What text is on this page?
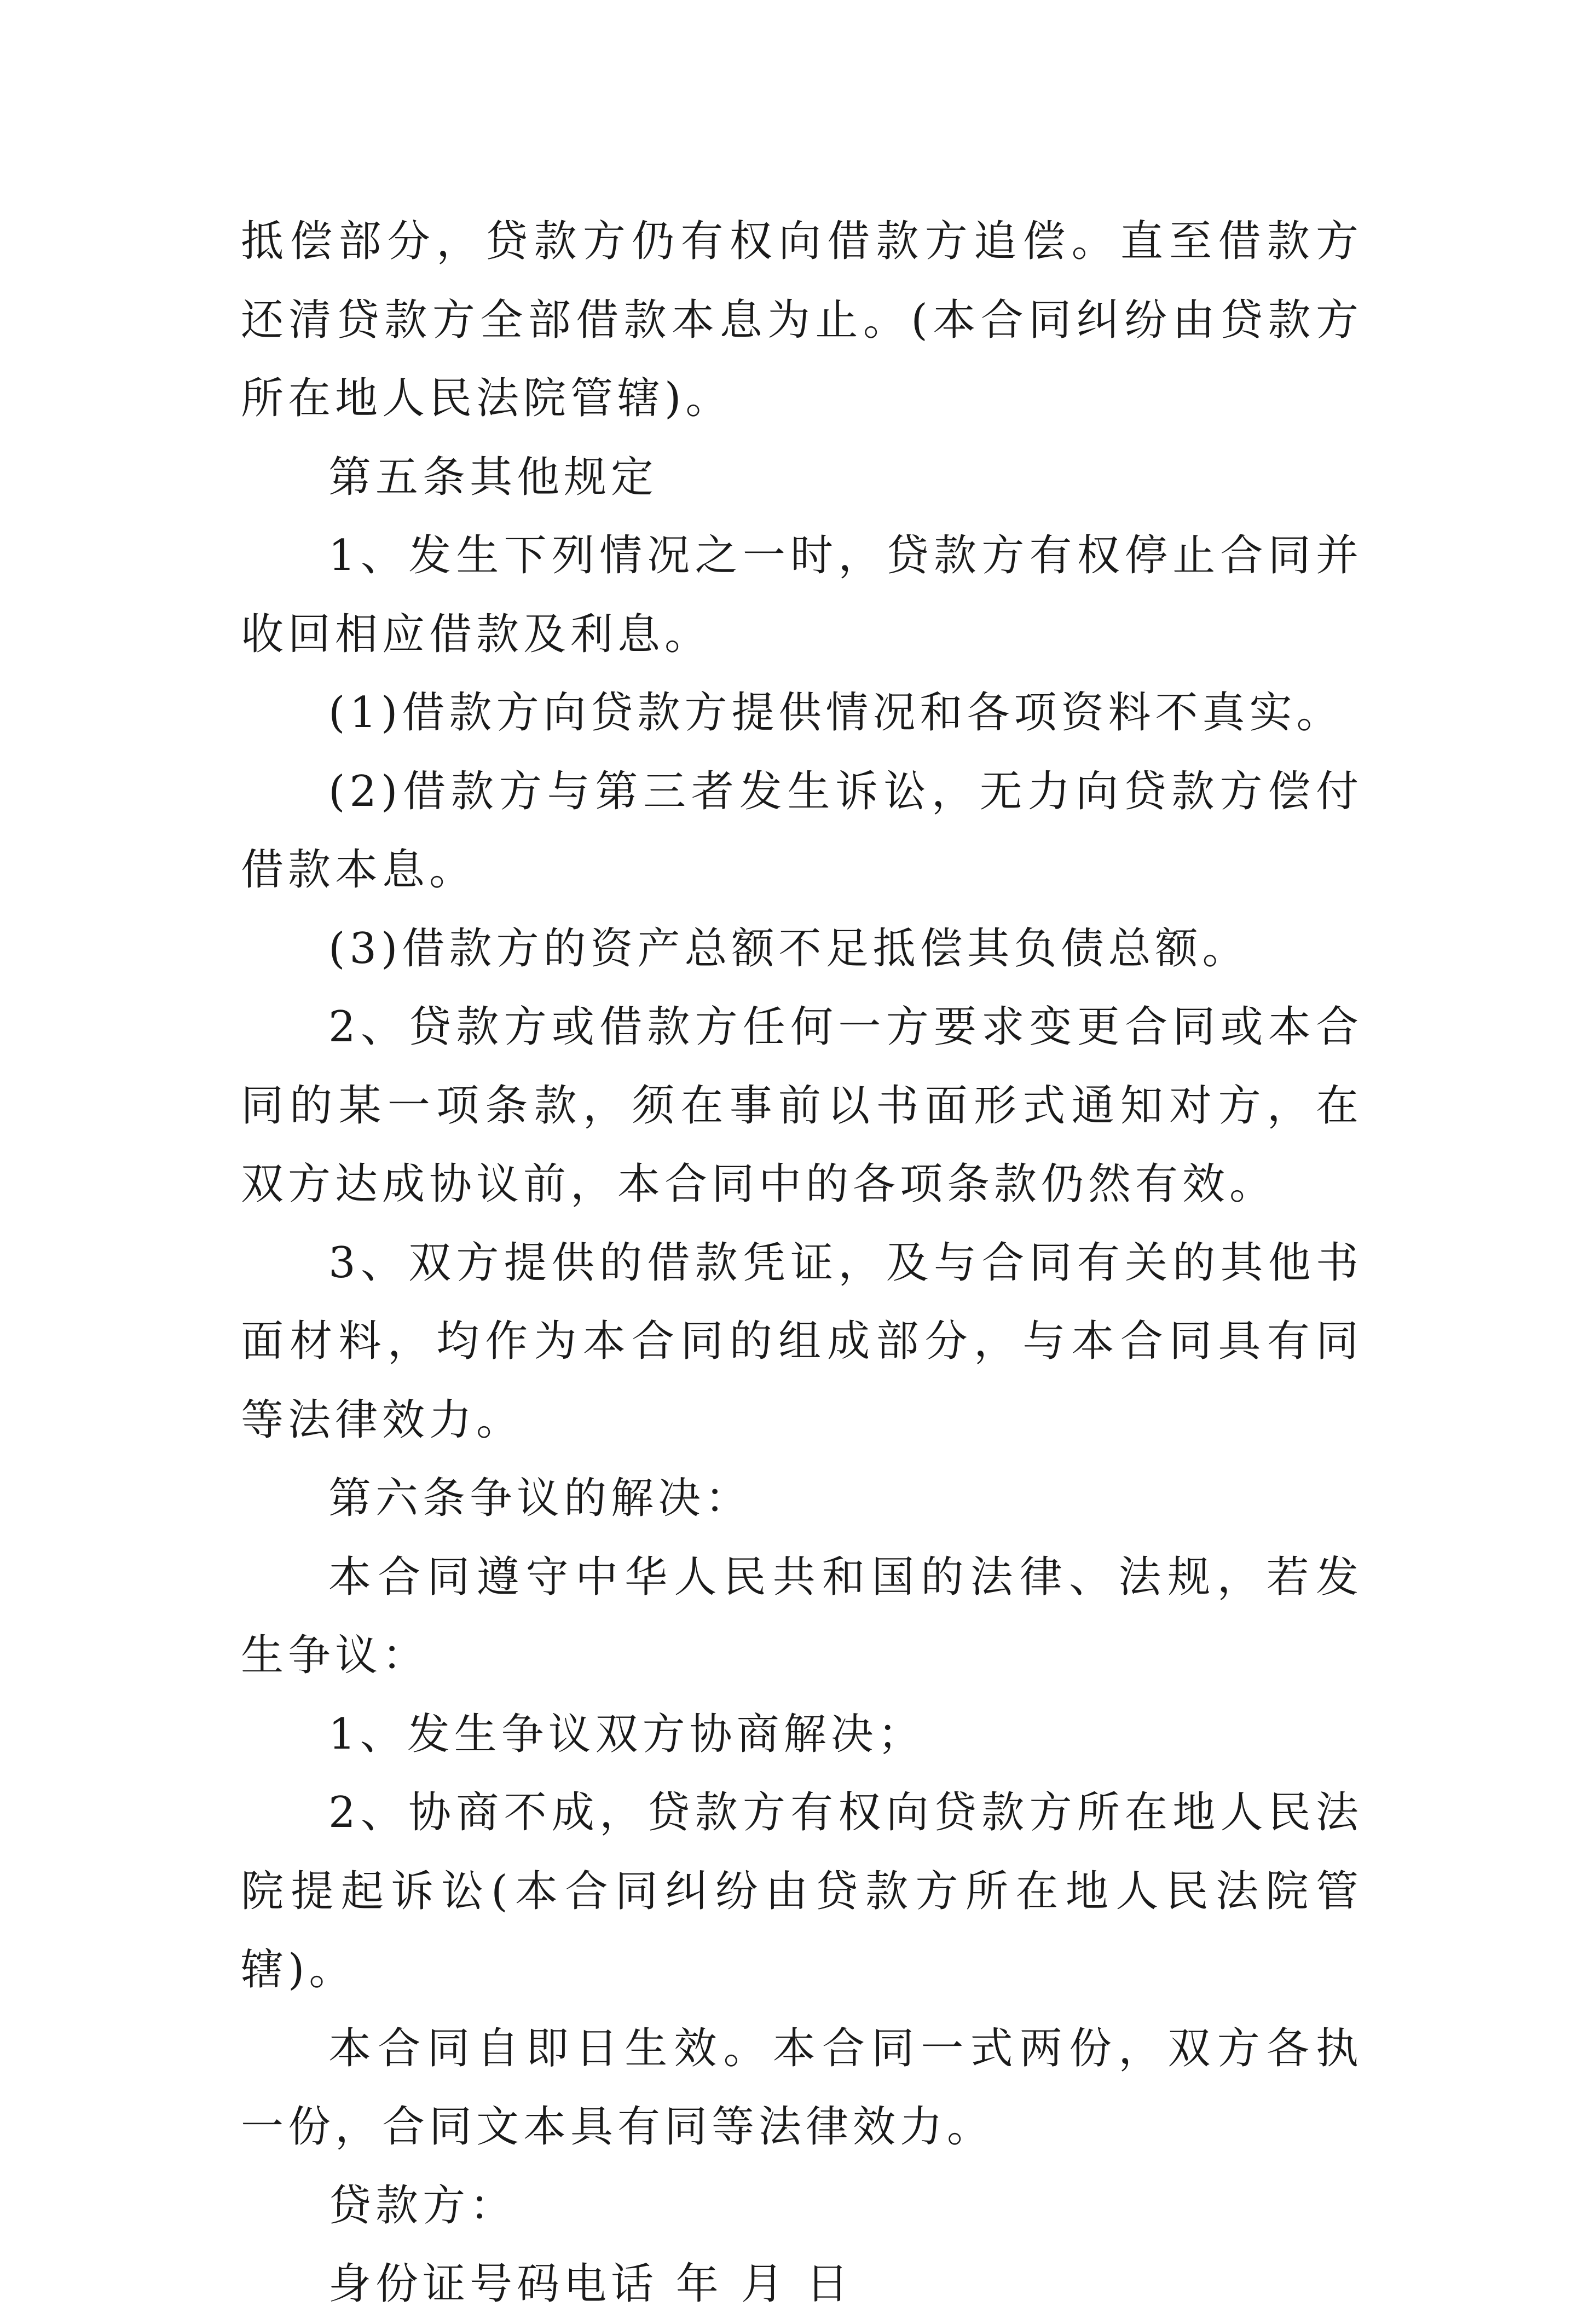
抵偿部分，贷款方仍有权向借款方追偿。直至借款方还清贷款方全部借款本息为止。(本合同纠纷由贷款方所在地人民法院管辖)。

第五条其他规定

1、发生下列情况之一时，贷款方有权停止合同并收回相应借款及利息。

(1)借款方向贷款方提供情况和各项资料不真实。

(2)借款方与第三者发生诉讼，无力向贷款方偿付借款本息。

(3)借款方的资产总额不足抵偿其负债总额。

2、贷款方或借款方任何一方要求变更合同或本合同的某一项条款，须在事前以书面形式通知对方，在双方达成协议前，本合同中的各项条款仍然有效。

3、双方提供的借款凭证，及与合同有关的其他书面材料，均作为本合同的组成部分，与本合同具有同等法律效力。

第六条争议的解决：

本合同遵守中华人民共和国的法律、法规，若发生争议：

1、发生争议双方协商解决；

2、协商不成，贷款方有权向贷款方所在地人民法院提起诉讼(本合同纠纷由贷款方所在地人民法院管辖)。

本合同自即日生效。本合同一式两份，双方各执一份，合同文本具有同等法律效力。

贷款方：

身份证号码电话 年 月 日
